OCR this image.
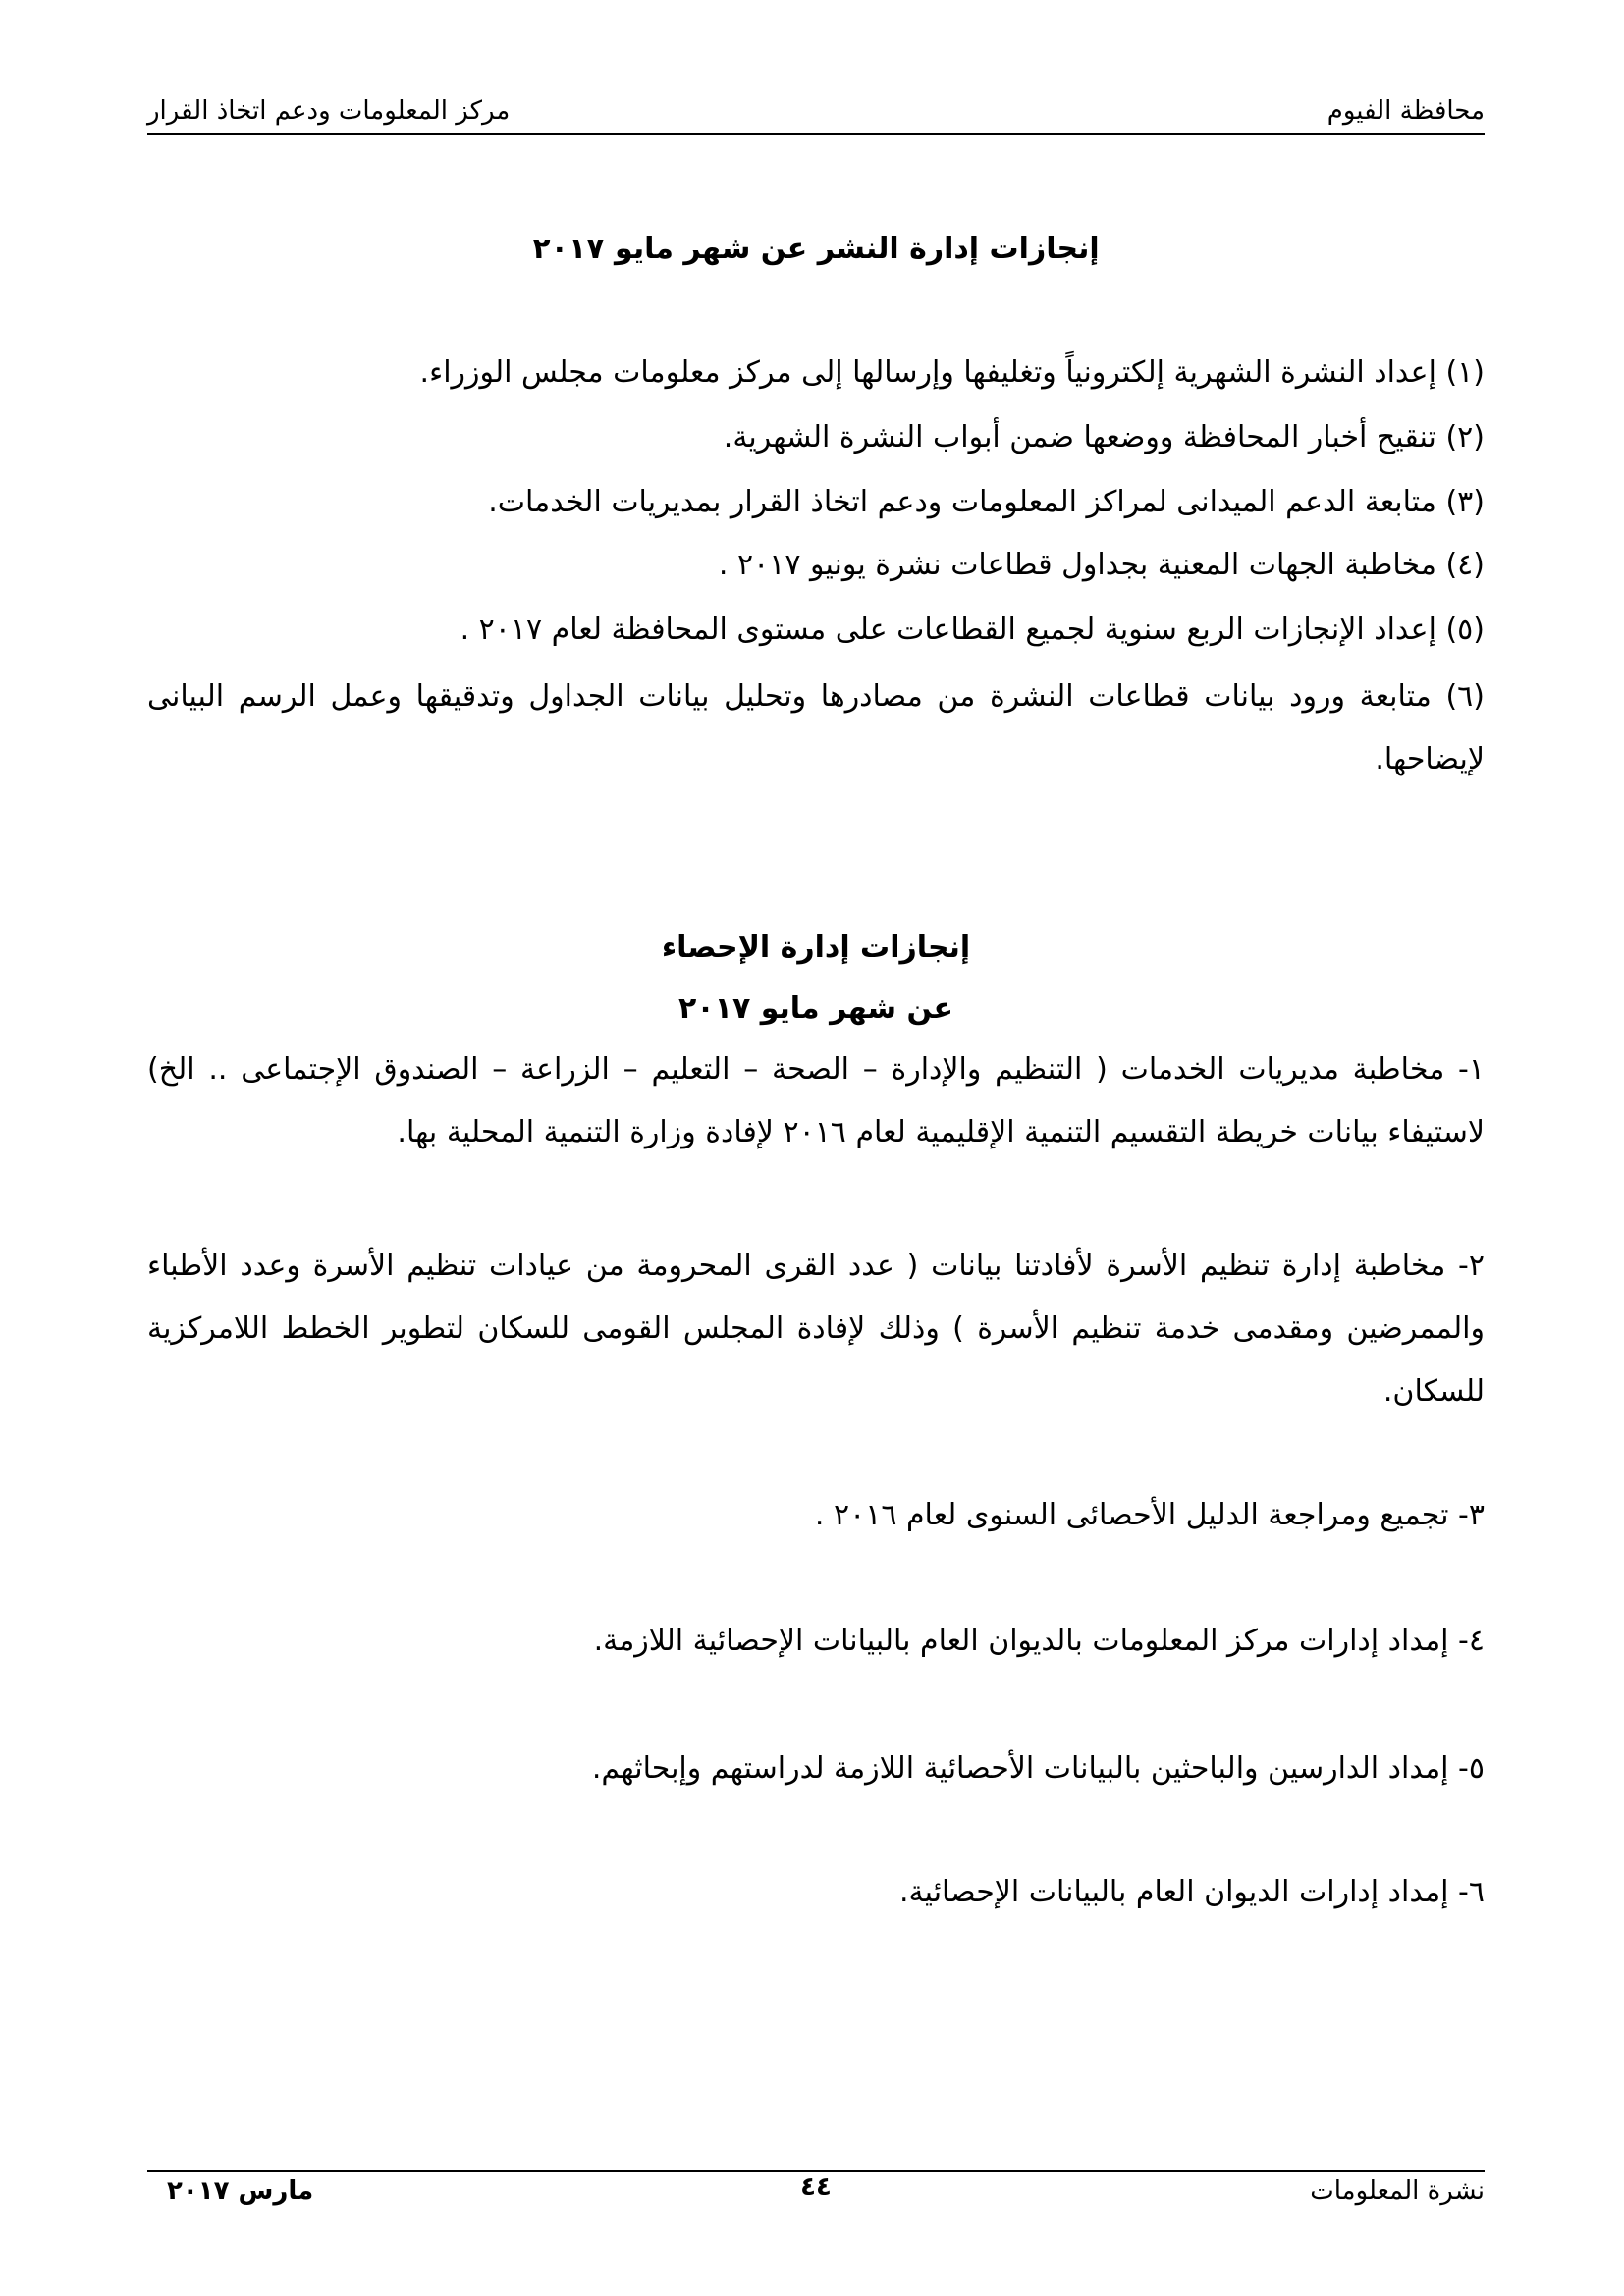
محافظة الفيوم
مركز المعلومات ودعم اتخاذ القرار
إنجازات إدارة النشر عن شهر مايو ٢٠١٧
(١) إعداد النشرة الشهرية إلكترونياً وتغليفها وإرسالها إلى مركز معلومات مجلس الوزراء.
(٢) تنقيح أخبار المحافظة ووضعها ضمن أبواب النشرة الشهرية.
(٣) متابعة الدعم الميدانى لمراكز المعلومات ودعم اتخاذ القرار بمديريات الخدمات.
(٤) مخاطبة الجهات المعنية بجداول قطاعات نشرة يونيو ٢٠١٧ .
(٥) إعداد الإنجازات الربع سنوية لجميع القطاعات على مستوى المحافظة لعام ٢٠١٧ .
(٦) متابعة ورود بيانات قطاعات النشرة من مصادرها وتحليل بيانات الجداول وتدقيقها وعمل الرسم البيانى لإيضاحها.
إنجازات إدارة الإحصاء
عن شهر مايو ٢٠١٧
١- مخاطبة مديريات الخدمات ( التنظيم والإدارة – الصحة – التعليم – الزراعة – الصندوق الإجتماعى .. الخ) لاستيفاء بيانات خريطة التقسيم التنمية الإقليمية لعام ٢٠١٦ لإفادة وزارة التنمية المحلية بها.
٢- مخاطبة إدارة تنظيم الأسرة لأفادتنا بيانات ( عدد القرى المحرومة من عيادات تنظيم الأسرة وعدد الأطباء والممرضين ومقدمى خدمة تنظيم الأسرة ) وذلك لإفادة المجلس القومى للسكان لتطوير الخطط اللامركزية للسكان.
٣- تجميع ومراجعة الدليل الأحصائى السنوى لعام ٢٠١٦ .
٤- إمداد إدارات مركز المعلومات بالديوان العام بالبيانات الإحصائية اللازمة.
٥- إمداد الدارسين والباحثين بالبيانات الأحصائية اللازمة لدراستهم وإبحاثهم.
٦- إمداد إدارات الديوان العام بالبيانات الإحصائية.
نشرة المعلومات
٤٤
مارس ٢٠١٧
